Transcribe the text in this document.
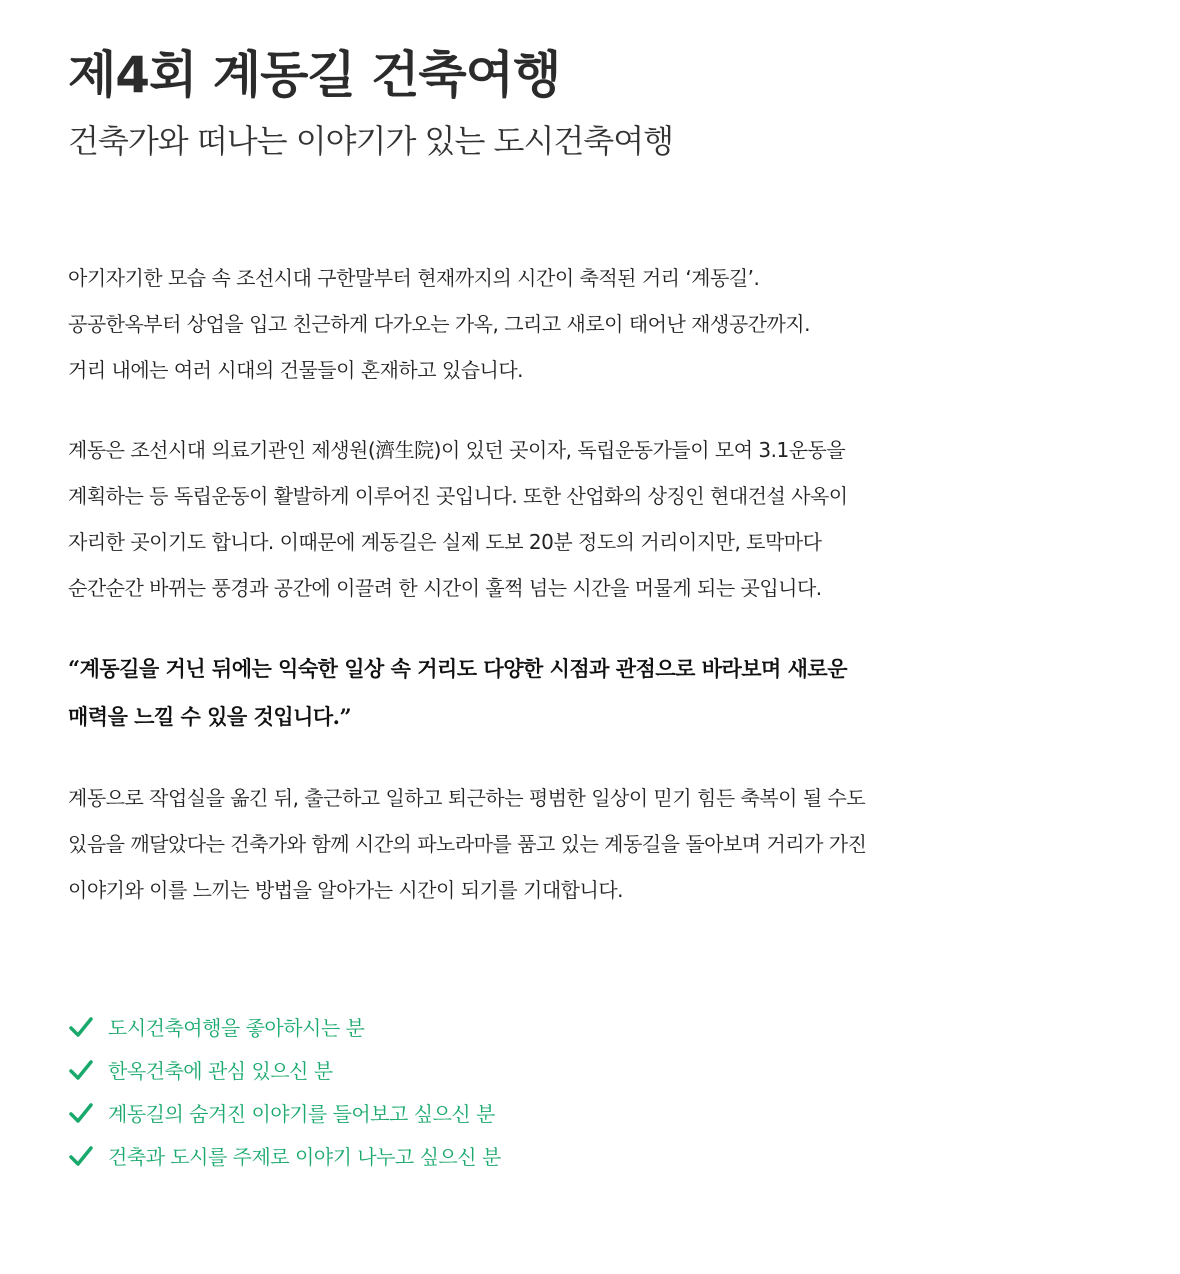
제4회 계동길 건축여행
건축가와 떠나는 이야기가 있는 도시건축여행

아기자기한 모습 속 조선시대 구한말부터 현재까지의 시간이 축적된 거리 ‘계동길’.
공공한옥부터 상업을 입고 친근하게 다가오는 가옥, 그리고 새로이 태어난 재생공간까지.
거리 내에는 여러 시대의 건물들이 혼재하고 있습니다.

계동은 조선시대 의료기관인 제생원(濟生院)이 있던 곳이자, 독립운동가들이 모여 3.1운동을
계획하는 등 독립운동이 활발하게 이루어진 곳입니다. 또한 산업화의 상징인 현대건설 사옥이
자리한 곳이기도 합니다. 이때문에 계동길은 실제 도보 20분 정도의 거리이지만, 토막마다
순간순간 바뀌는 풍경과 공간에 이끌려 한 시간이 훌쩍 넘는 시간을 머물게 되는 곳입니다.

“계동길을 거닌 뒤에는 익숙한 일상 속 거리도 다양한 시점과 관점으로 바라보며 새로운
매력을 느낄 수 있을 것입니다.”

계동으로 작업실을 옮긴 뒤, 출근하고 일하고 퇴근하는 평범한 일상이 믿기 힘든 축복이 될 수도
있음을 깨달았다는 건축가와 함께 시간의 파노라마를 품고 있는 계동길을 돌아보며 거리가 가진
이야기와 이를 느끼는 방법을 알아가는 시간이 되기를 기대합니다.

도시건축여행을 좋아하시는 분
한옥건축에 관심 있으신 분
계동길의 숨겨진 이야기를 들어보고 싶으신 분
건축과 도시를 주제로 이야기 나누고 싶으신 분
